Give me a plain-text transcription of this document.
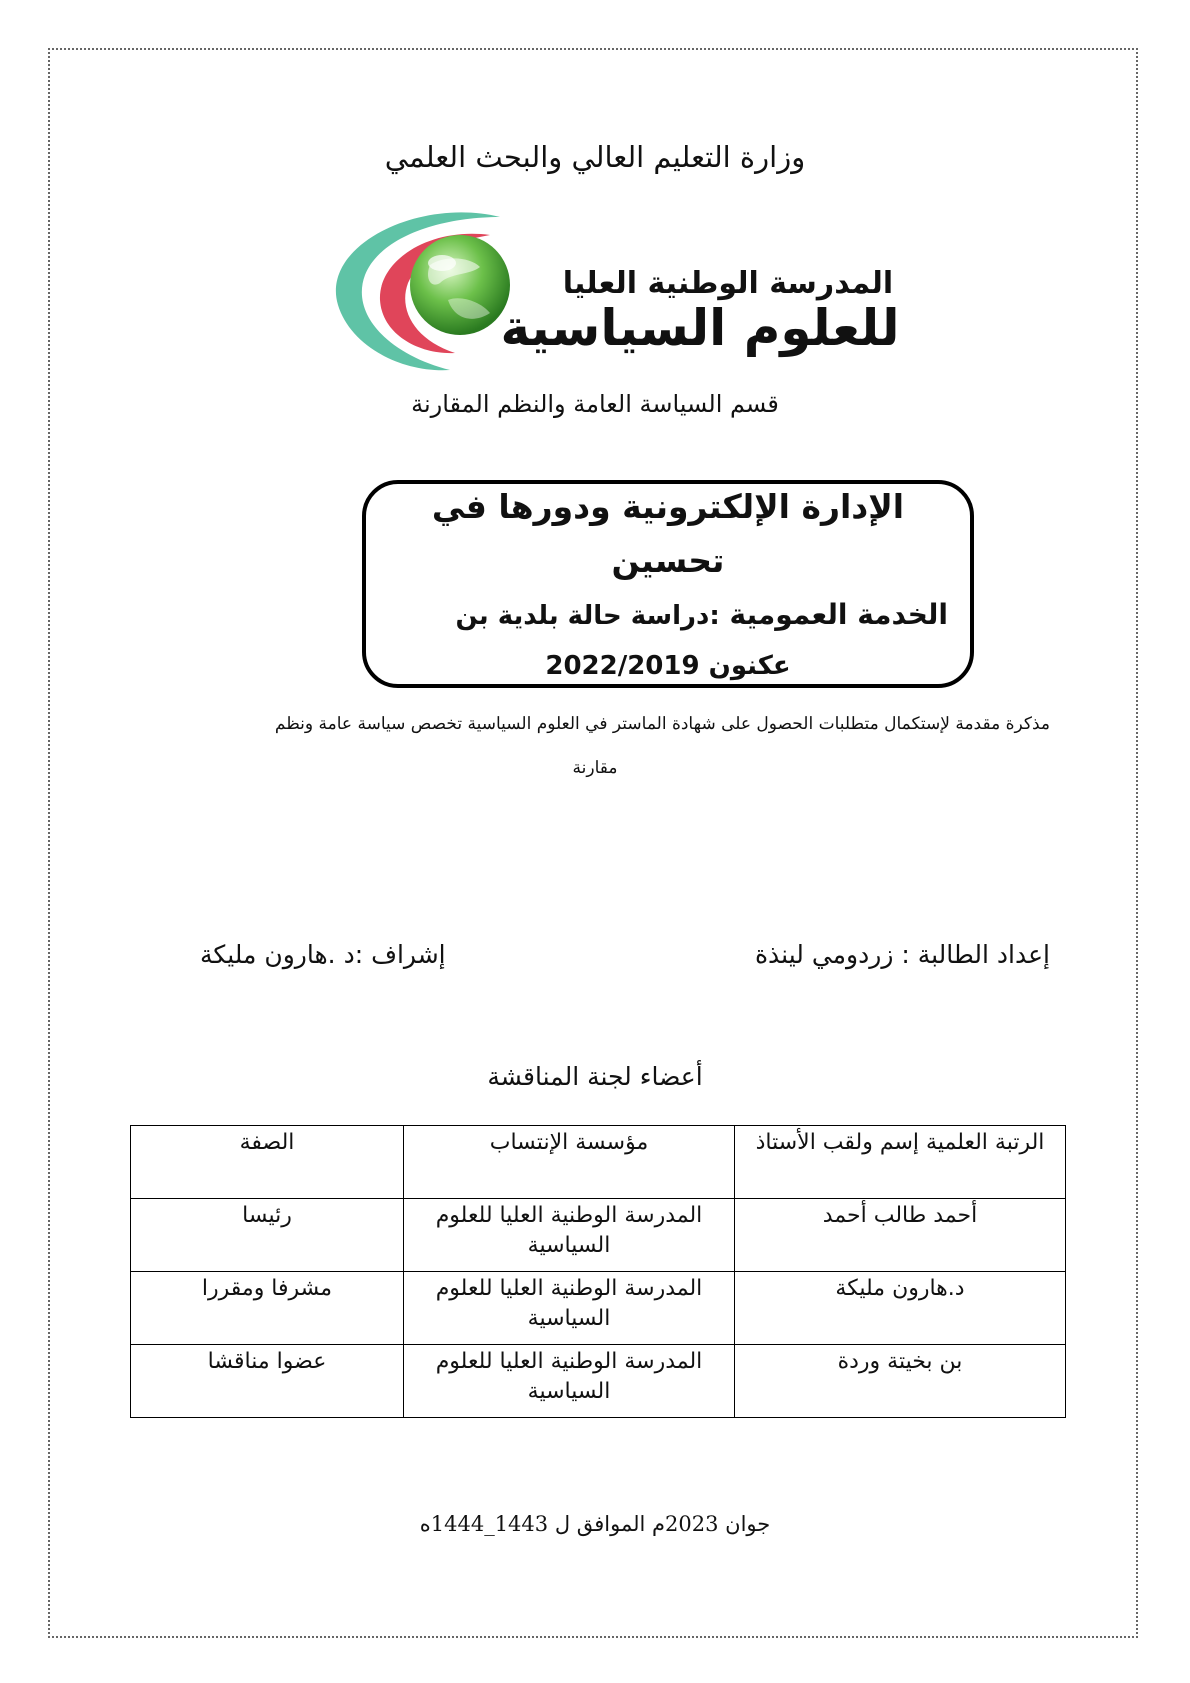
وزارة التعليم العالي والبحث العلمي
المدرسة الوطنية العليا
للعلوم السياسية
قسم السياسة العامة والنظم المقارنة
الإدارة الإلكترونية ودورها في تحسين
الخدمة العمومية :دراسة حالة بلدية بن
عكنون 2022/2019
مذكرة مقدمة لإستكمال متطلبات الحصول على شهادة الماستر في العلوم السياسية تخصص سياسة عامة ونظم
مقارنة
إعداد الطالبة : زردومي لينذة
إشراف :د .هارون مليكة
أعضاء لجنة المناقشة
الرتبة العلمية إسم ولقب الأستاذ	مؤسسة الإنتساب	الصفة
أحمد طالب أحمد	المدرسة الوطنية العليا للعلوم السياسية	رئيسا
د.هارون مليكة	المدرسة الوطنية العليا للعلوم السياسية	مشرفا ومقررا
بن بخيتة وردة	المدرسة الوطنية العليا للعلوم السياسية	عضوا مناقشا
جوان 2023م الموافق ل 1443_1444ه
